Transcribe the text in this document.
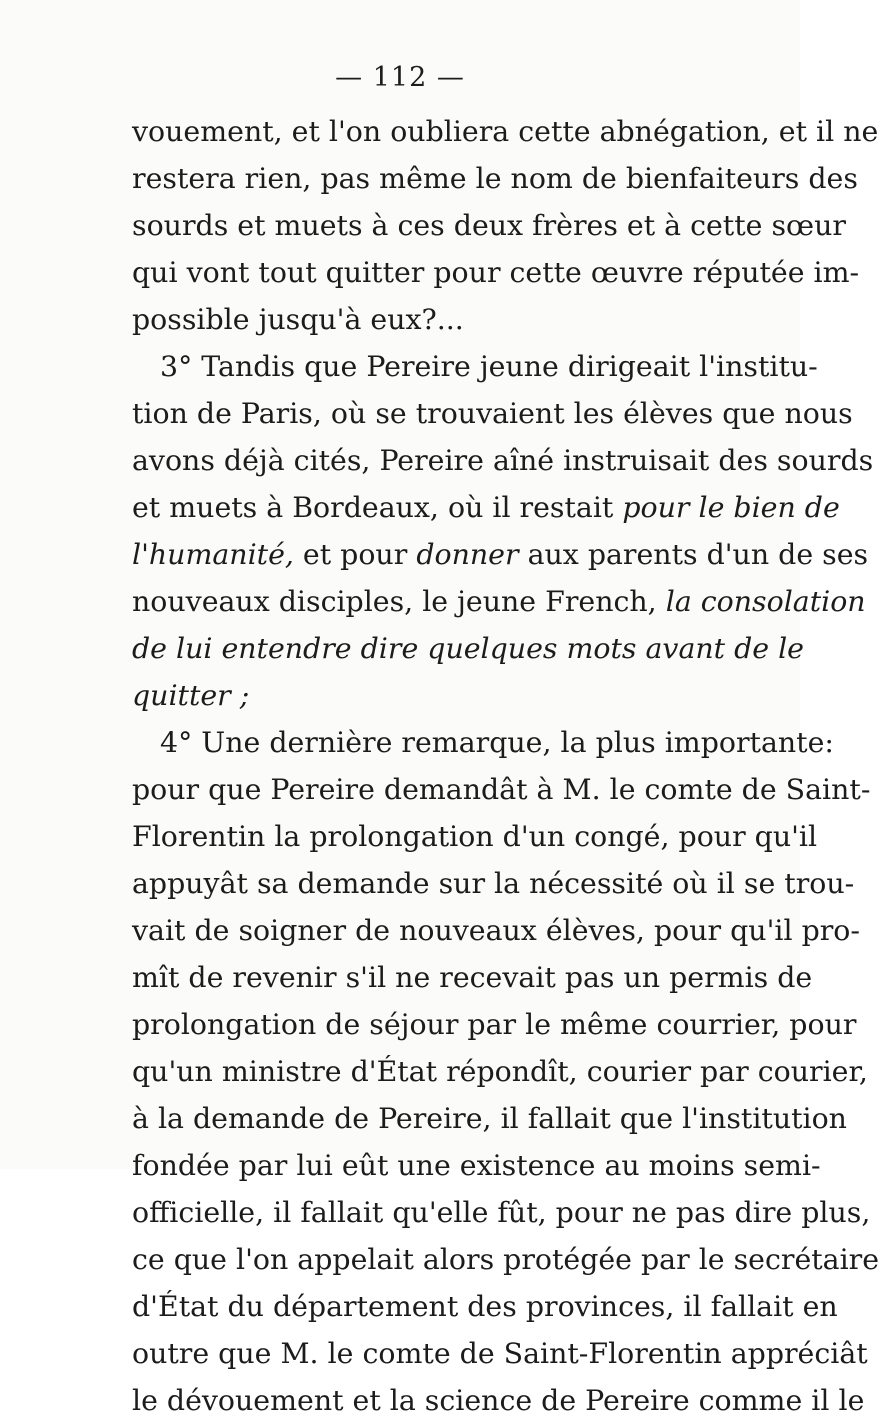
— 112 —
vouement, et l'on oubliera cette abnégation, et il ne
restera rien, pas même le nom de bienfaiteurs des
sourds et muets à ces deux frères et à cette sœur
qui vont tout quitter pour cette œuvre réputée im-
possible jusqu'à eux?...
3° Tandis que Pereire jeune dirigeait l'institu-
tion de Paris, où se trouvaient les élèves que nous
avons déjà cités, Pereire aîné instruisait des sourds
et muets à Bordeaux, où il restait pour le bien de
l'humanité, et pour donner aux parents d'un de ses
nouveaux disciples, le jeune French, la consolation
de lui entendre dire quelques mots avant de le
quitter ;
4° Une dernière remarque, la plus importante:
pour que Pereire demandât à M. le comte de Saint-
Florentin la prolongation d'un congé, pour qu'il
appuyât sa demande sur la nécessité où il se trou-
vait de soigner de nouveaux élèves, pour qu'il pro-
mît de revenir s'il ne recevait pas un permis de
prolongation de séjour par le même courrier, pour
qu'un ministre d'État répondît, courier par courier,
à la demande de Pereire, il fallait que l'institution
fondée par lui eût une existence au moins semi-
officielle, il fallait qu'elle fût, pour ne pas dire plus,
ce que l'on appelait alors protégée par le secrétaire
d'État du département des provinces, il fallait en
outre que M. le comte de Saint-Florentin appréciât
le dévouement et la science de Pereire comme il le
